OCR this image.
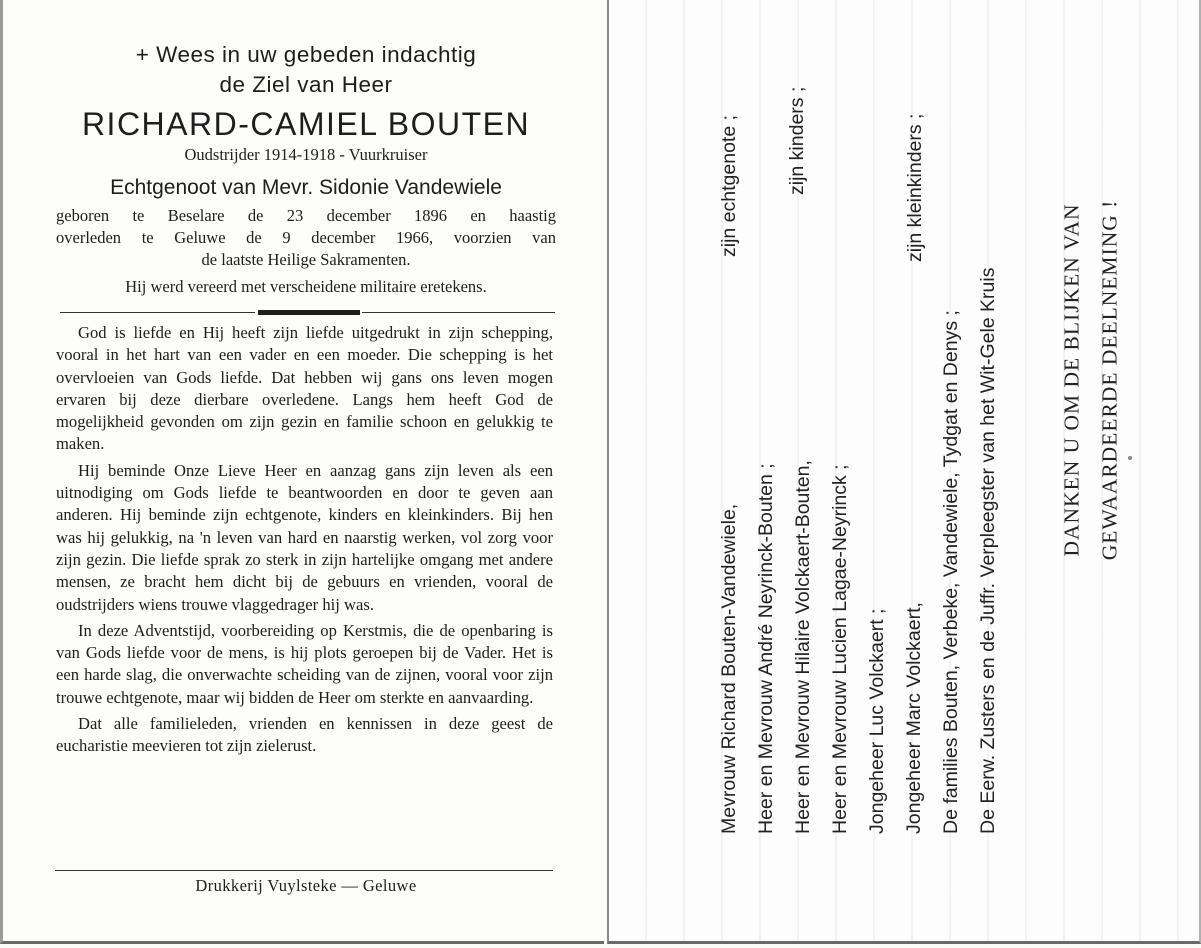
+ Wees in uw gebeden indachtig
de Ziel van Heer
RICHARD-CAMIEL BOUTEN
Oudstrijder 1914-1918 - Vuurkruiser
Echtgenoot van Mevr. Sidonie Vandewiele
geboren te Beselare de 23 december 1896 en haastig
overleden te Geluwe de 9 december 1966, voorzien van
de laatste Heilige Sakramenten.
Hij werd vereerd met verscheidene militaire eretekens.

God is liefde en Hij heeft zijn liefde uitgedrukt in zijn schepping, vooral in het hart van een vader en een moeder. Die schepping is het overvloeien van Gods liefde. Dat hebben wij gans ons leven mogen ervaren bij deze dierbare overledene. Langs hem heeft God de mogelijkheid gevonden om zijn gezin en familie schoon en gelukkig te maken.

Hij beminde Onze Lieve Heer en aanzag gans zijn leven als een uitnodiging om Gods liefde te beantwoorden en door te geven aan anderen. Hij beminde zijn echtgenote, kinders en kleinkinders. Bij hen was hij gelukkig, na 'n leven van hard en naarstig werken, vol zorg voor zijn gezin. Die liefde sprak zo sterk in zijn hartelijke omgang met andere mensen, ze bracht hem dicht bij de gebuurs en vrienden, vooral de oudstrijders wiens trouwe vlaggedrager hij was.

In deze Adventstijd, voorbereiding op Kerstmis, die de openbaring is van Gods liefde voor de mens, is hij plots geroepen bij de Vader. Het is een harde slag, die onverwachte scheiding van de zijnen, vooral voor zijn trouwe echtgenote, maar wij bidden de Heer om sterkte en aanvaarding.

Dat alle familieleden, vrienden en kennissen in deze geest de eucharistie meevieren tot zijn zielerust.

Drukkerij Vuylsteke — Geluwe
Mevrouw Richard Bouten-Vandewiele, Heer en Mevrouw André Neyrinck-Bouten ; Heer en Mevrouw Hilaire Volckaert-Bouten, Heer en Mevrouw Lucien Lagae-Neyrinck ; Jongeheer Luc Volckaert ; Jongeheer Marc Volckaert, De families Bouten, Verbeke, Vandewiele, Tydgat en Denys ; De Eerw. Zusters en de Juffr. Verpleegster van het Wit-Gele Kruis
zijn echtgenote ; zijn kinders ;	zijn kleinkinders ;
DANKEN U OM DE BLIJKEN VAN GEWAARDEERDE DEELNEMING !
